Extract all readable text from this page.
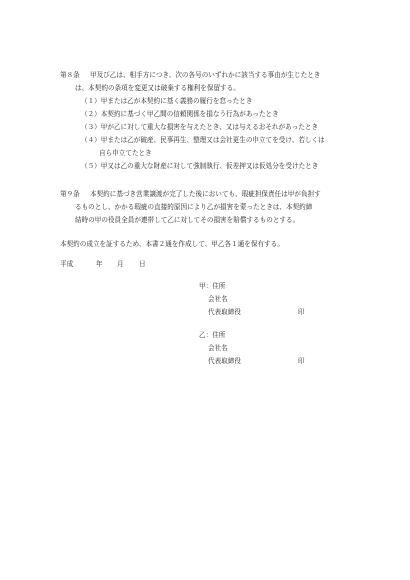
第８条 甲及び乙は、相手方につき、次の各号のいずれかに該当する事由が生じたとき
は、本契約の条項を変更又は破棄する権利を保留する。
（１）甲または乙が本契約に基く義務の履行を怠ったとき
（２）本契約に基づく甲乙間の信頼関係を損なう行為があったとき
（３）甲が乙に対して重大な損害を与えたとき、又は与えるおそれがあったとき
（４）甲または乙が破産、民事再生、整理又は会社更生の申立てを受け、若しくは
自ら申立てたとき
（５）甲又は乙の重大な財産に対して強制執行、仮差押又は仮処分を受けたとき
第９条 本契約に基づき営業譲渡が完了した後においても、瑕疵担保責任は甲が負担す
るものとし、かかる瑕疵の直接的原因により乙が損害を蒙ったときは、本契約締
結時の甲の役員全員が連帯して乙に対してその損害を賠償するものとする。
本契約の成立を証するため、本書２通を作成して、甲乙各１通を保有する。
平成	年 月 日
甲：住所
会社名
代表取締役	印
乙：住所
会社名
代表取締役	印
